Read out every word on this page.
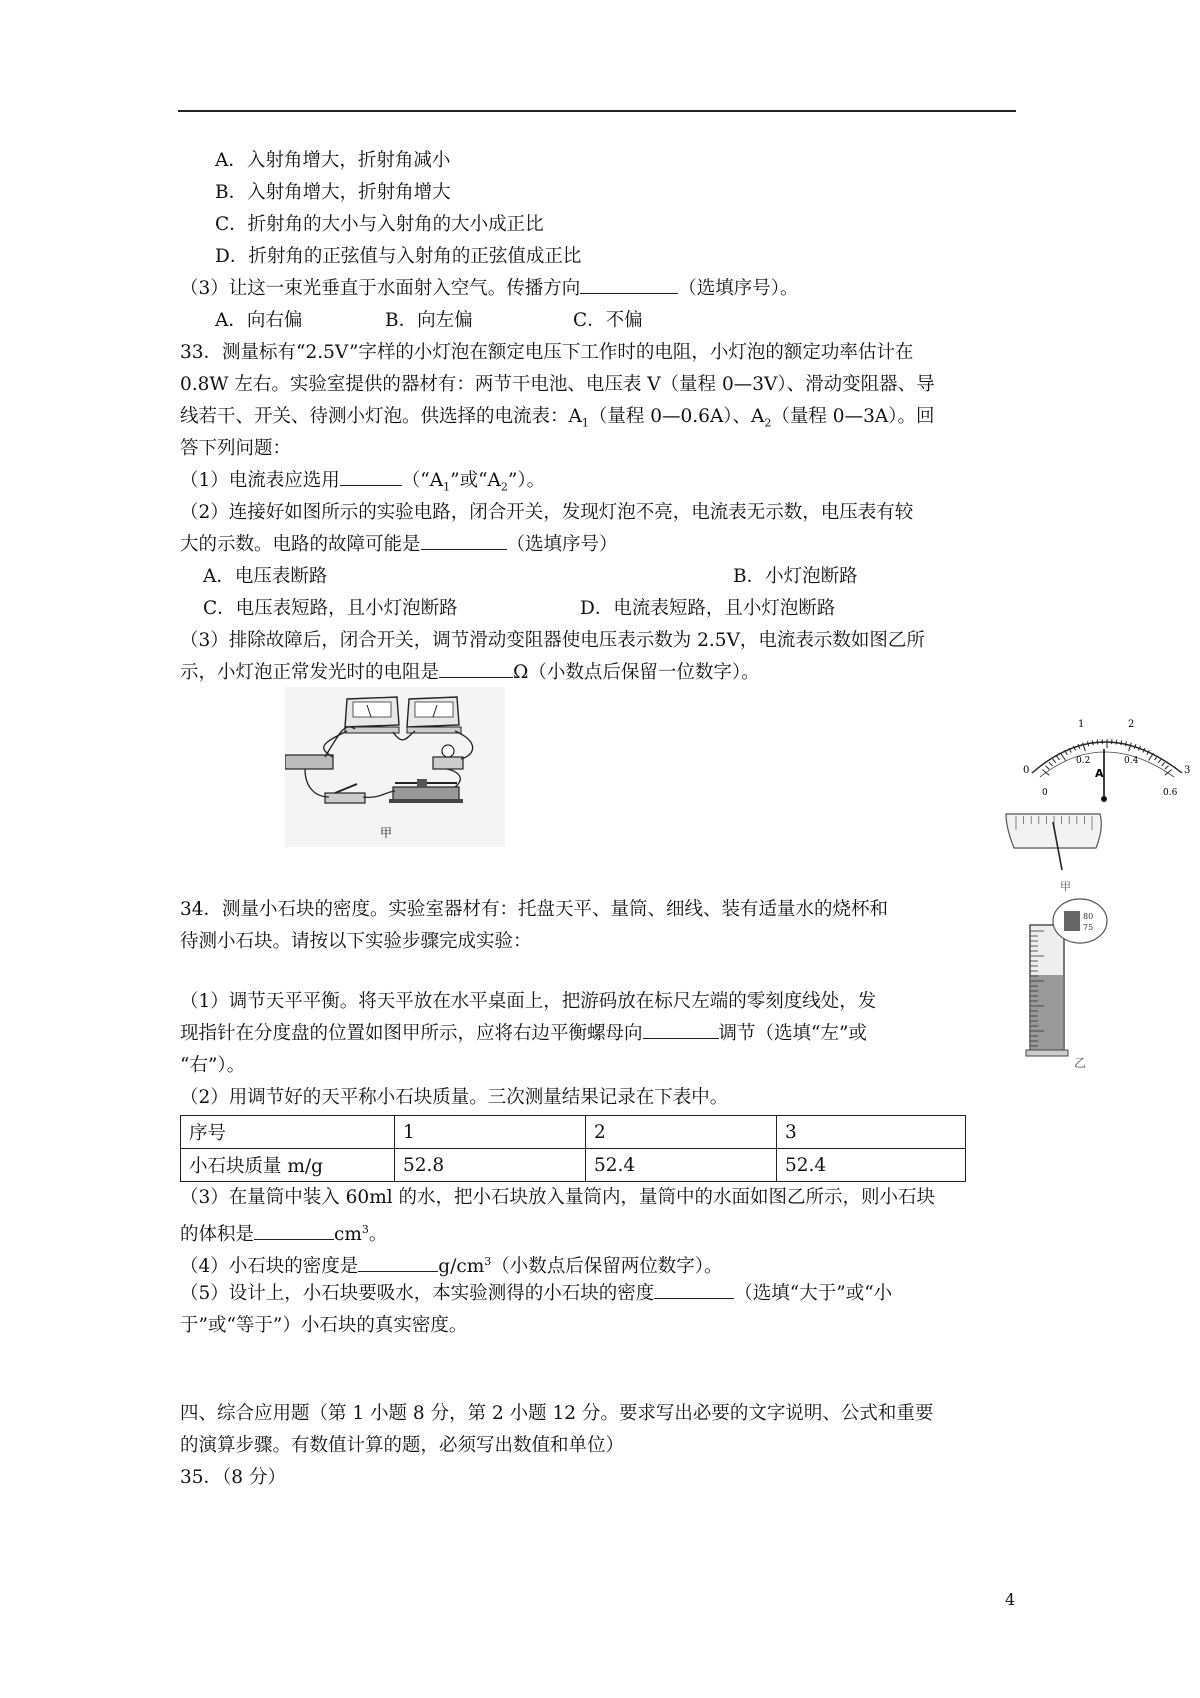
A．入射角增大，折射角减小
B．入射角增大，折射角增大
C．折射角的大小与入射角的大小成正比
D．折射角的正弦值与入射角的正弦值成正比
（3）让这一束光垂直于水面射入空气。传播方向	（选填序号）。
A．向右偏	B．向左偏	C．不偏
33．测量标有“2.5V”字样的小灯泡在额定电压下工作时的电阻，小灯泡的额定功率估计在
0.8W 左右。实验室提供的器材有：两节干电池、电压表 V（量程 0—3V）、滑动变阻器、导
线若干、开关、待测小灯泡。供选择的电流表：$A_1$（量程 0—0.6A）、$A_2$（量程 0—3A）。回
答下列问题：
（1）电流表应选用	（“$A_1$”或“$A_2$”）。
（2）连接好如图所示的实验电路，闭合开关，发现灯泡不亮，电流表无示数，电压表有较
大的示数。电路的故障可能是	（选填序号）
A．电压表断路	B．小灯泡断路
C．电压表短路，且小灯泡断路	D．电流表短路，且小灯泡断路
（3）排除故障后，闭合开关，调节滑动变阻器使电压表示数为 2.5V，电流表示数如图乙所
示，小灯泡正常发光时的电阻是	Ω（小数点后保留一位数字）。
甲
0
1	2
3
0
0.2	0.4
0.6
A
甲
80
75
乙
34．测量小石块的密度。实验室器材有：托盘天平、量筒、细线、装有适量水的烧杯和
待测小石块。请按以下实验步骤完成实验：
（1）调节天平平衡。将天平放在水平桌面上，把游码放在标尺左端的零刻度线处，发
现指针在分度盘的位置如图甲所示，应将右边平衡螺母向	调节（选填“左”或
“右”）。
（2）用调节好的天平称小石块质量。三次测量结果记录在下表中。
序号	1	2	3
小石块质量 m/g	52.8	52.4	52.4
（3）在量筒中装入 60ml 的水，把小石块放入量筒内，量筒中的水面如图乙所示，则小石块
的体积是	$cm^3$。
（4）小石块的密度是	$g/cm^3$（小数点后保留两位数字）。
（5）设计上，小石块要吸水，本实验测得的小石块的密度	（选填“大于”或“小
于”或“等于”）小石块的真实密度。
四、综合应用题（第 1 小题 8 分，第 2 小题 12 分。要求写出必要的文字说明、公式和重要
的演算步骤。有数值计算的题，必须写出数值和单位）
35．（8 分）
4
